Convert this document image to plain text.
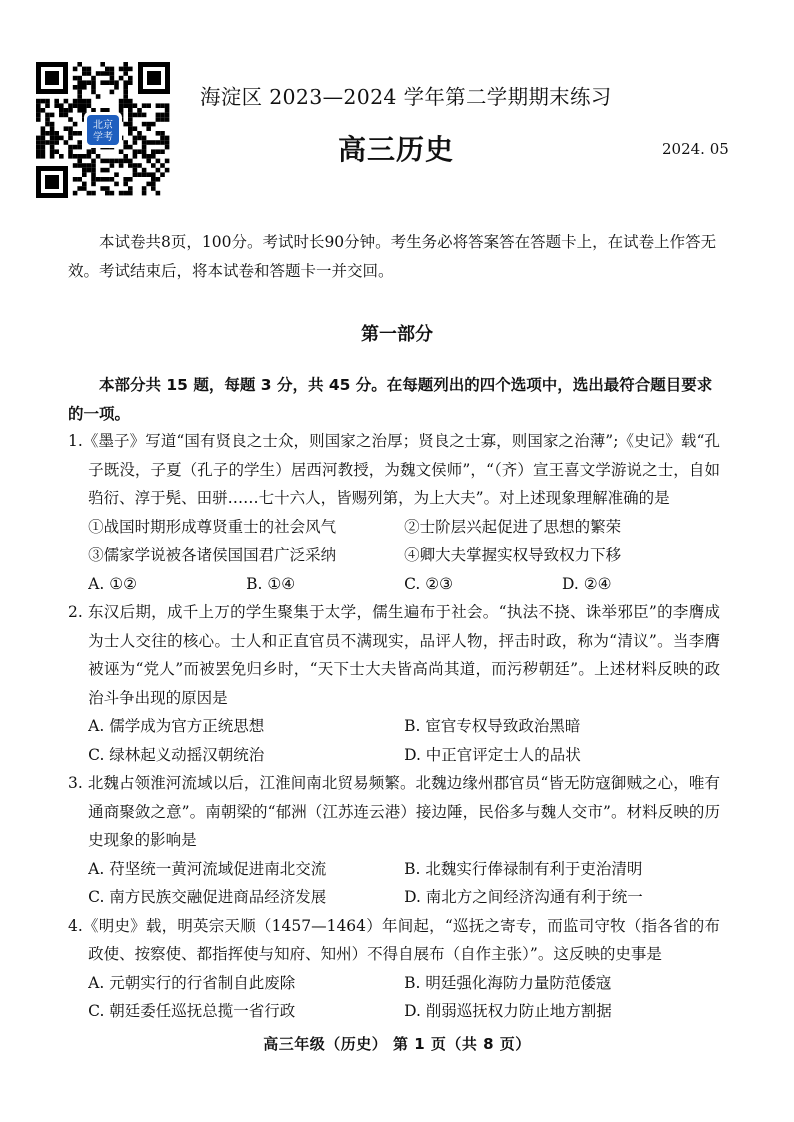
北京
学考
海淀区 2023—2024 学年第二学期期末练习
高三历史	2024. 05
本试卷共8页，100分。考试时长90分钟。考生务必将答案答在答题卡上，在试卷上作答无效。考试结束后，将本试卷和答题卡一并交回。
第一部分
本部分共 15 题，每题 3 分，共 45 分。在每题列出的四个选项中，选出最符合题目要求的一项。
1.《墨子》写道“国有贤良之士众，则国家之治厚；贤良之士寡，则国家之治薄”;《史记》载“孔子既没，子夏（孔子的学生）居西河教授，为魏文侯师”，“（齐）宣王喜文学游说之士，自如驺衍、淳于髡、田骈……七十六人，皆赐列第，为上大夫”。对上述现象理解准确的是
①战国时期形成尊贤重士的社会风气	②士阶层兴起促进了思想的繁荣
③儒家学说被各诸侯国国君广泛采纳	④卿大夫掌握实权导致权力下移
A. ①②	B. ①④	C. ②③	D. ②④
2. 东汉后期，成千上万的学生聚集于太学，儒生遍布于社会。“执法不挠、诛举邪臣”的李膺成为士人交往的核心。士人和正直官员不满现实，品评人物，抨击时政，称为“清议”。当李膺被诬为“党人”而被罢免归乡时，“天下士大夫皆高尚其道，而污秽朝廷”。上述材料反映的政治斗争出现的原因是
A. 儒学成为官方正统思想	B. 宦官专权导致政治黑暗
C. 绿林起义动摇汉朝统治	D. 中正官评定士人的品状
3. 北魏占领淮河流域以后，江淮间南北贸易频繁。北魏边缘州郡官员“皆无防寇御贼之心，唯有通商聚敛之意”。南朝梁的“郁洲（江苏连云港）接边陲，民俗多与魏人交市”。材料反映的历史现象的影响是
A. 苻坚统一黄河流域促进南北交流	B. 北魏实行俸禄制有利于吏治清明
C. 南方民族交融促进商品经济发展	D. 南北方之间经济沟通有利于统一
4.《明史》载，明英宗天顺（1457—1464）年间起，“巡抚之寄专，而监司守牧（指各省的布政使、按察使、都指挥使与知府、知州）不得自展布（自作主张）”。这反映的史事是
A. 元朝实行的行省制自此废除	B. 明廷强化海防力量防范倭寇
C. 朝廷委任巡抚总揽一省行政	D. 削弱巡抚权力防止地方割据
高三年级（历史） 第 1 页（共 8 页）
